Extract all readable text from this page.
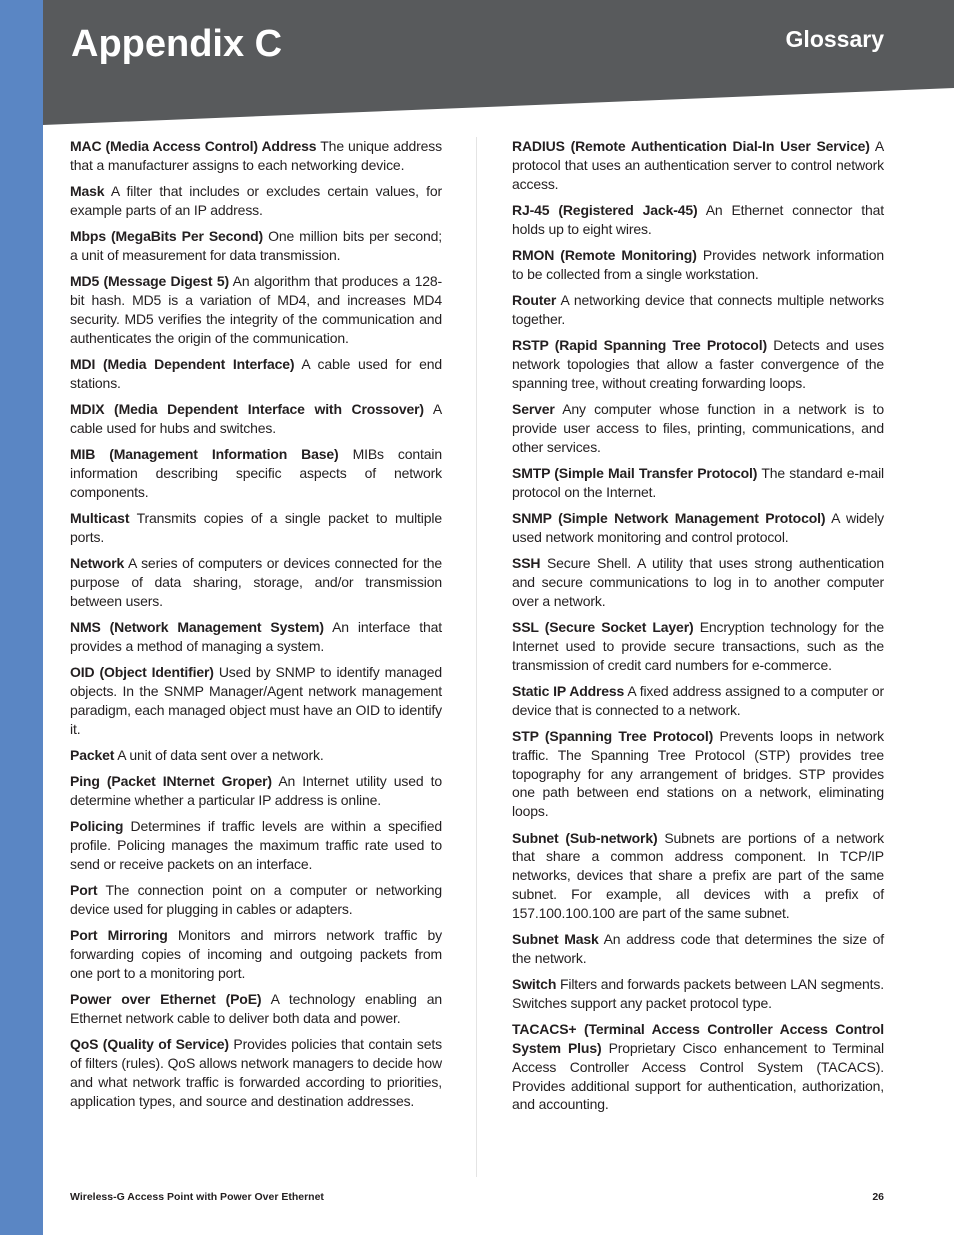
Appendix C	Glossary

MAC (Media Access Control) Address The unique address that a manufacturer assigns to each networking device.

Mask A filter that includes or excludes certain values, for example parts of an IP address.

Mbps (MegaBits Per Second) One million bits per second; a unit of measurement for data transmission.

MD5 (Message Digest 5) An algorithm that produces a 128-bit hash. MD5 is a variation of MD4, and increases MD4 security. MD5 verifies the integrity of the communication and authenticates the origin of the communication.

MDI (Media Dependent Interface) A cable used for end stations.

MDIX (Media Dependent Interface with Crossover) A cable used for hubs and switches.

MIB (Management Information Base) MIBs contain information describing specific aspects of network components.

Multicast Transmits copies of a single packet to multiple ports.

Network A series of computers or devices connected for the purpose of data sharing, storage, and/or transmission between users.

NMS (Network Management System) An interface that provides a method of managing a system.

OID (Object Identifier) Used by SNMP to identify managed objects. In the SNMP Manager/Agent network management paradigm, each managed object must have an OID to identify it.

Packet A unit of data sent over a network.

Ping (Packet INternet Groper) An Internet utility used to determine whether a particular IP address is online.

Policing Determines if traffic levels are within a specified profile. Policing manages the maximum traffic rate used to send or receive packets on an interface.

Port The connection point on a computer or networking device used for plugging in cables or adapters.

Port Mirroring Monitors and mirrors network traffic by forwarding copies of incoming and outgoing packets from one port to a monitoring port.

Power over Ethernet (PoE) A technology enabling an Ethernet network cable to deliver both data and power.

QoS (Quality of Service) Provides policies that contain sets of filters (rules). QoS allows network managers to decide how and what network traffic is forwarded according to priorities, application types, and source and destination addresses.

RADIUS (Remote Authentication Dial-In User Service) A protocol that uses an authentication server to control network access.

RJ-45 (Registered Jack-45) An Ethernet connector that holds up to eight wires.

RMON (Remote Monitoring) Provides network information to be collected from a single workstation.

Router A networking device that connects multiple networks together.

RSTP (Rapid Spanning Tree Protocol) Detects and uses network topologies that allow a faster convergence of the spanning tree, without creating forwarding loops.

Server Any computer whose function in a network is to provide user access to files, printing, communications, and other services.

SMTP (Simple Mail Transfer Protocol) The standard e-mail protocol on the Internet.

SNMP (Simple Network Management Protocol) A widely used network monitoring and control protocol.

SSH Secure Shell. A utility that uses strong authentication and secure communications to log in to another computer over a network.

SSL (Secure Socket Layer) Encryption technology for the Internet used to provide secure transactions, such as the transmission of credit card numbers for e-commerce.

Static IP Address A fixed address assigned to a computer or device that is connected to a network.

STP (Spanning Tree Protocol) Prevents loops in network traffic. The Spanning Tree Protocol (STP) provides tree topography for any arrangement of bridges. STP provides one path between end stations on a network, eliminating loops.

Subnet (Sub-network) Subnets are portions of a network that share a common address component. In TCP/IP networks, devices that share a prefix are part of the same subnet. For example, all devices with a prefix of 157.100.100.100 are part of the same subnet.

Subnet Mask An address code that determines the size of the network.

Switch Filters and forwards packets between LAN segments. Switches support any packet protocol type.

TACACS+ (Terminal Access Controller Access Control System Plus) Proprietary Cisco enhancement to Terminal Access Controller Access Control System (TACACS). Provides additional support for authentication, authorization, and accounting.

Wireless-G Access Point with Power Over Ethernet	26
